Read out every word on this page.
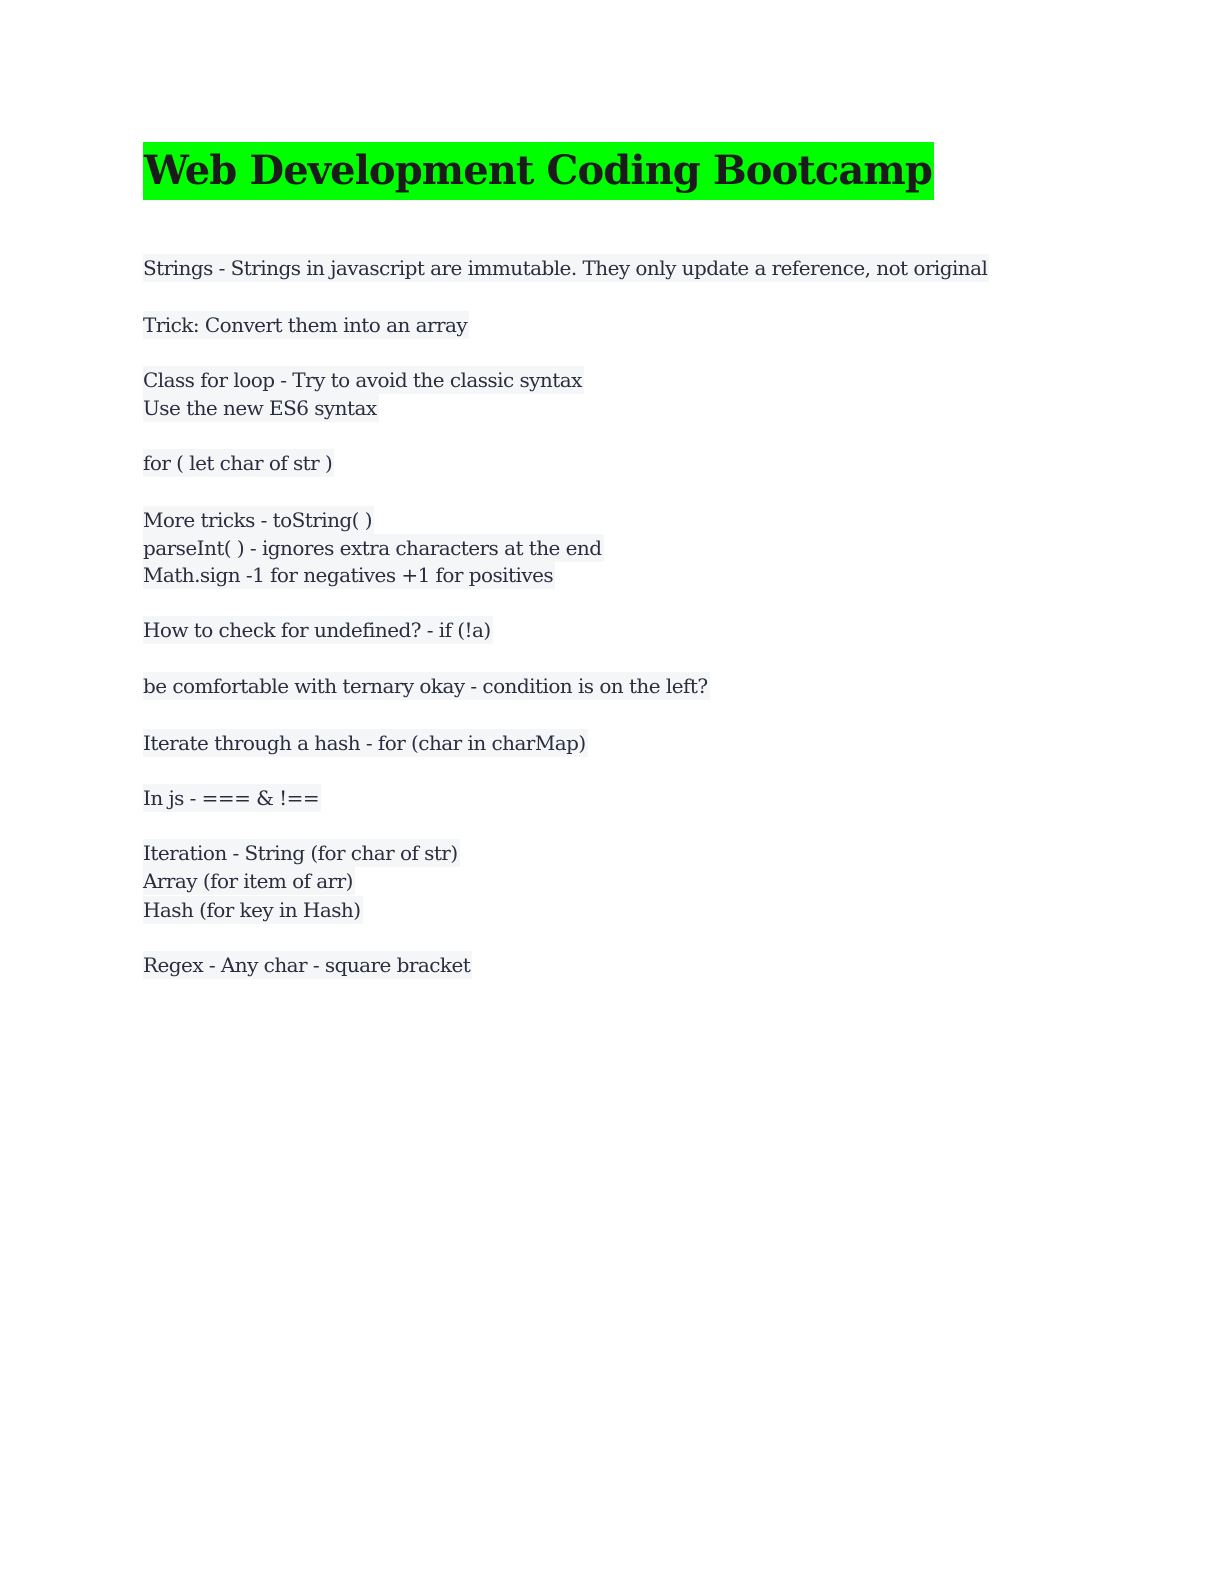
Web Development Coding Bootcamp
Strings - Strings in javascript are immutable. They only update a reference, not original
Trick: Convert them into an array
Class for loop - Try to avoid the classic syntax
Use the new ES6 syntax
for ( let char of str )
More tricks - toString( )
parseInt( ) - ignores extra characters at the end
Math.sign -1 for negatives +1 for positives
How to check for undefined? - if (!a)
be comfortable with ternary okay - condition is on the left?
Iterate through a hash - for (char in charMap)
In js - === & !==
Iteration - String (for char of str)
Array (for item of arr)
Hash (for key in Hash)
Regex - Any char - square bracket
